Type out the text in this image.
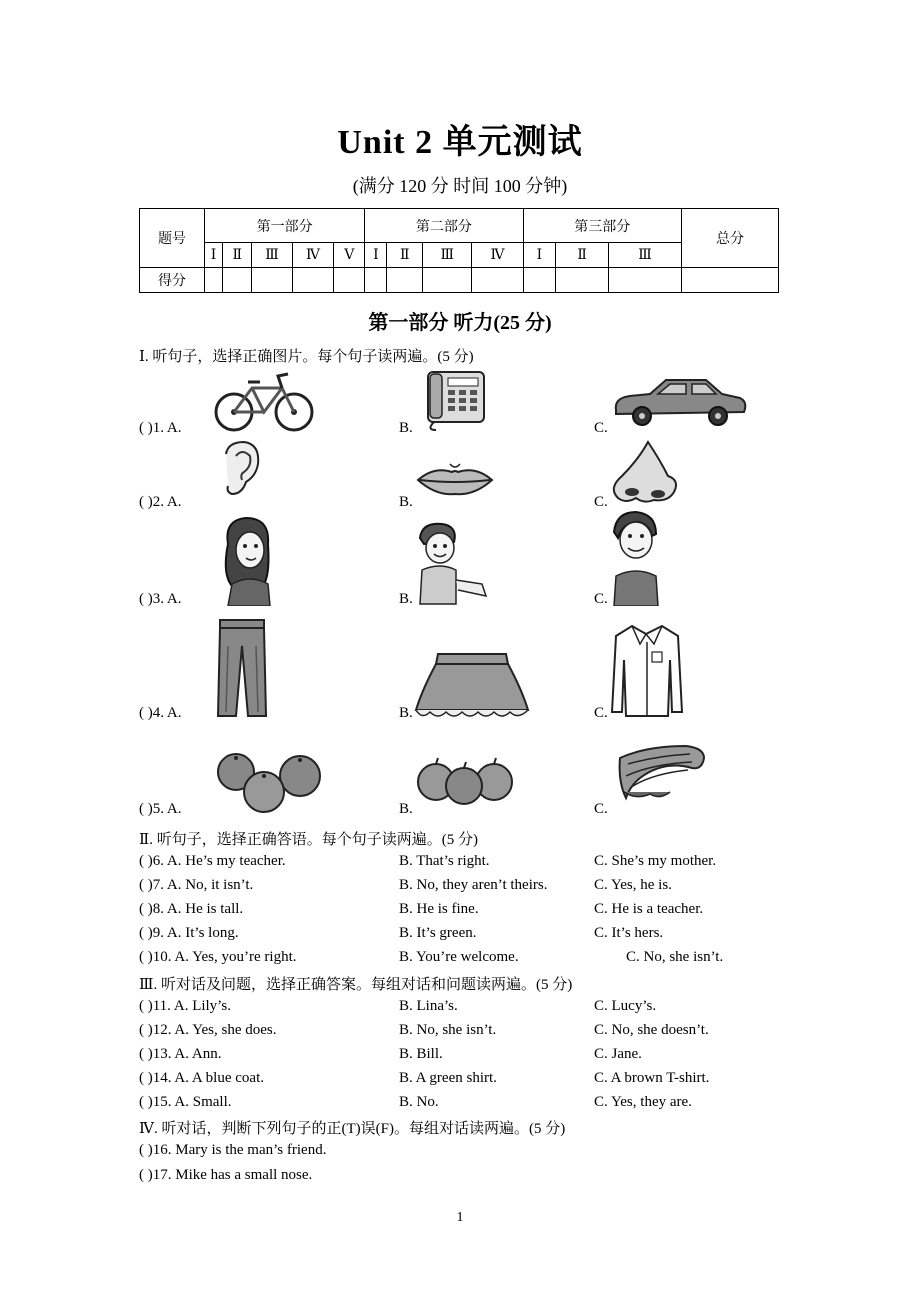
Unit 2 单元测试
(满分 120 分 时间 100 分钟)
题号	第一部分					第二部分				第三部分			总分
	Ⅰ	Ⅱ	Ⅲ	Ⅳ	Ⅴ	Ⅰ	Ⅱ	Ⅲ	Ⅳ	Ⅰ	Ⅱ	Ⅲ	
得分													
第一部分 听力(25 分)
Ⅰ. 听句子，选择正确图片。每个句子读两遍。(5 分)
( )1. A.	B.	C.
( )2. A.	B.	C.
( )3. A.	B.	C.
( )4. A.	B.	C.
( )5. A.	B.	C.
Ⅱ. 听句子，选择正确答语。每个句子读两遍。(5 分)
( )6. A. He’s my teacher.	B. That’s right.	C. She’s my mother.
( )7. A. No, it isn’t.	B. No, they aren’t theirs.	C. Yes, he is.
( )8. A. He is tall.	B. He is fine.	C. He is a teacher.
( )9. A. It’s long.	B. It’s green.	C. It’s hers.
( )10. A. Yes, you’re right.	B. You’re welcome.	C. No, she isn’t.
Ⅲ. 听对话及问题，选择正确答案。每组对话和问题读两遍。(5 分)
( )11. A. Lily’s.	B. Lina’s.	C. Lucy’s.
( )12. A. Yes, she does.	B. No, she isn’t.	C. No, she doesn’t.
( )13. A. Ann.	B. Bill.	C. Jane.
( )14. A. A blue coat.	B. A green shirt.	C. A brown T-shirt.
( )15. A. Small.	B. No.	C. Yes, they are.
Ⅳ. 听对话，判断下列句子的正(T)误(F)。每组对话读两遍。(5 分)
( )16. Mary is the man’s friend.
( )17. Mike has a small nose.
1
